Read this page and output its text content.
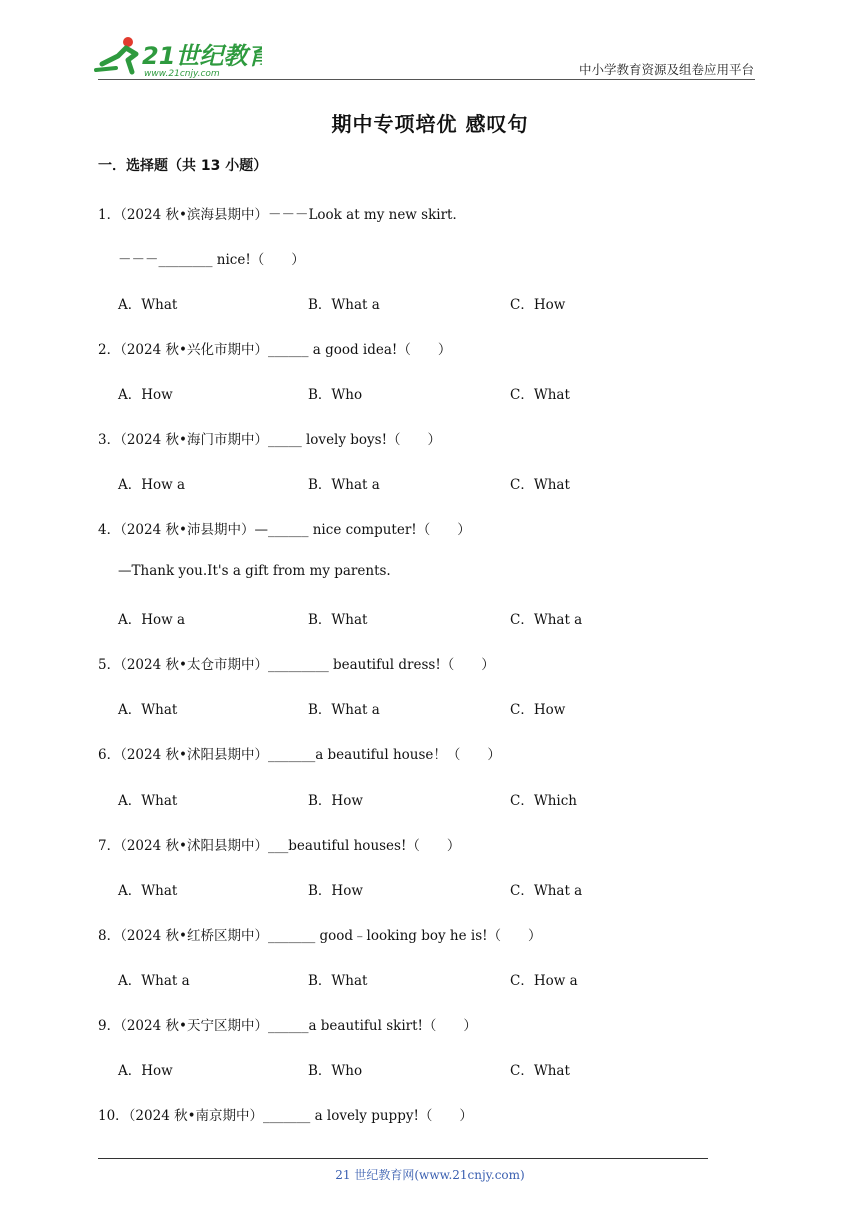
21世纪教育
www.21cnjy.com	中小学教育资源及组卷应用平台
期中专项培优 感叹句
一．选择题（共 13 小题）
1．（2024 秋•滨海县期中）－－－Look at my new skirt．
－－－________ nice!（　　）
A．What	B．What a	C．How
2．（2024 秋•兴化市期中）______ a good idea!（　　）
A．How	B．Who	C．What
3．（2024 秋•海门市期中）_____ lovely boys!（　　）
A．How a	B．What a	C．What
4．（2024 秋•沛县期中）—______ nice computer!（　　）
—Thank you.It's a gift from my parents.
A．How a	B．What	C．What a
5．（2024 秋•太仓市期中）_________ beautiful dress!（　　）
A．What	B．What a	C．How
6．（2024 秋•沭阳县期中）_______a beautiful house！（　　）
A．What	B．How	C．Which
7．（2024 秋•沭阳县期中）___beautiful houses!（　　）
A．What	B．How	C．What a
8．（2024 秋•红桥区期中）_______ good﹣looking boy he is!（　　）
A．What a	B．What	C．How a
9．（2024 秋•天宁区期中）______a beautiful skirt!（　　）
A．How	B．Who	C．What
10．（2024 秋•南京期中）_______ a lovely puppy!（　　）
21 世纪教育网(www.21cnjy.com)
